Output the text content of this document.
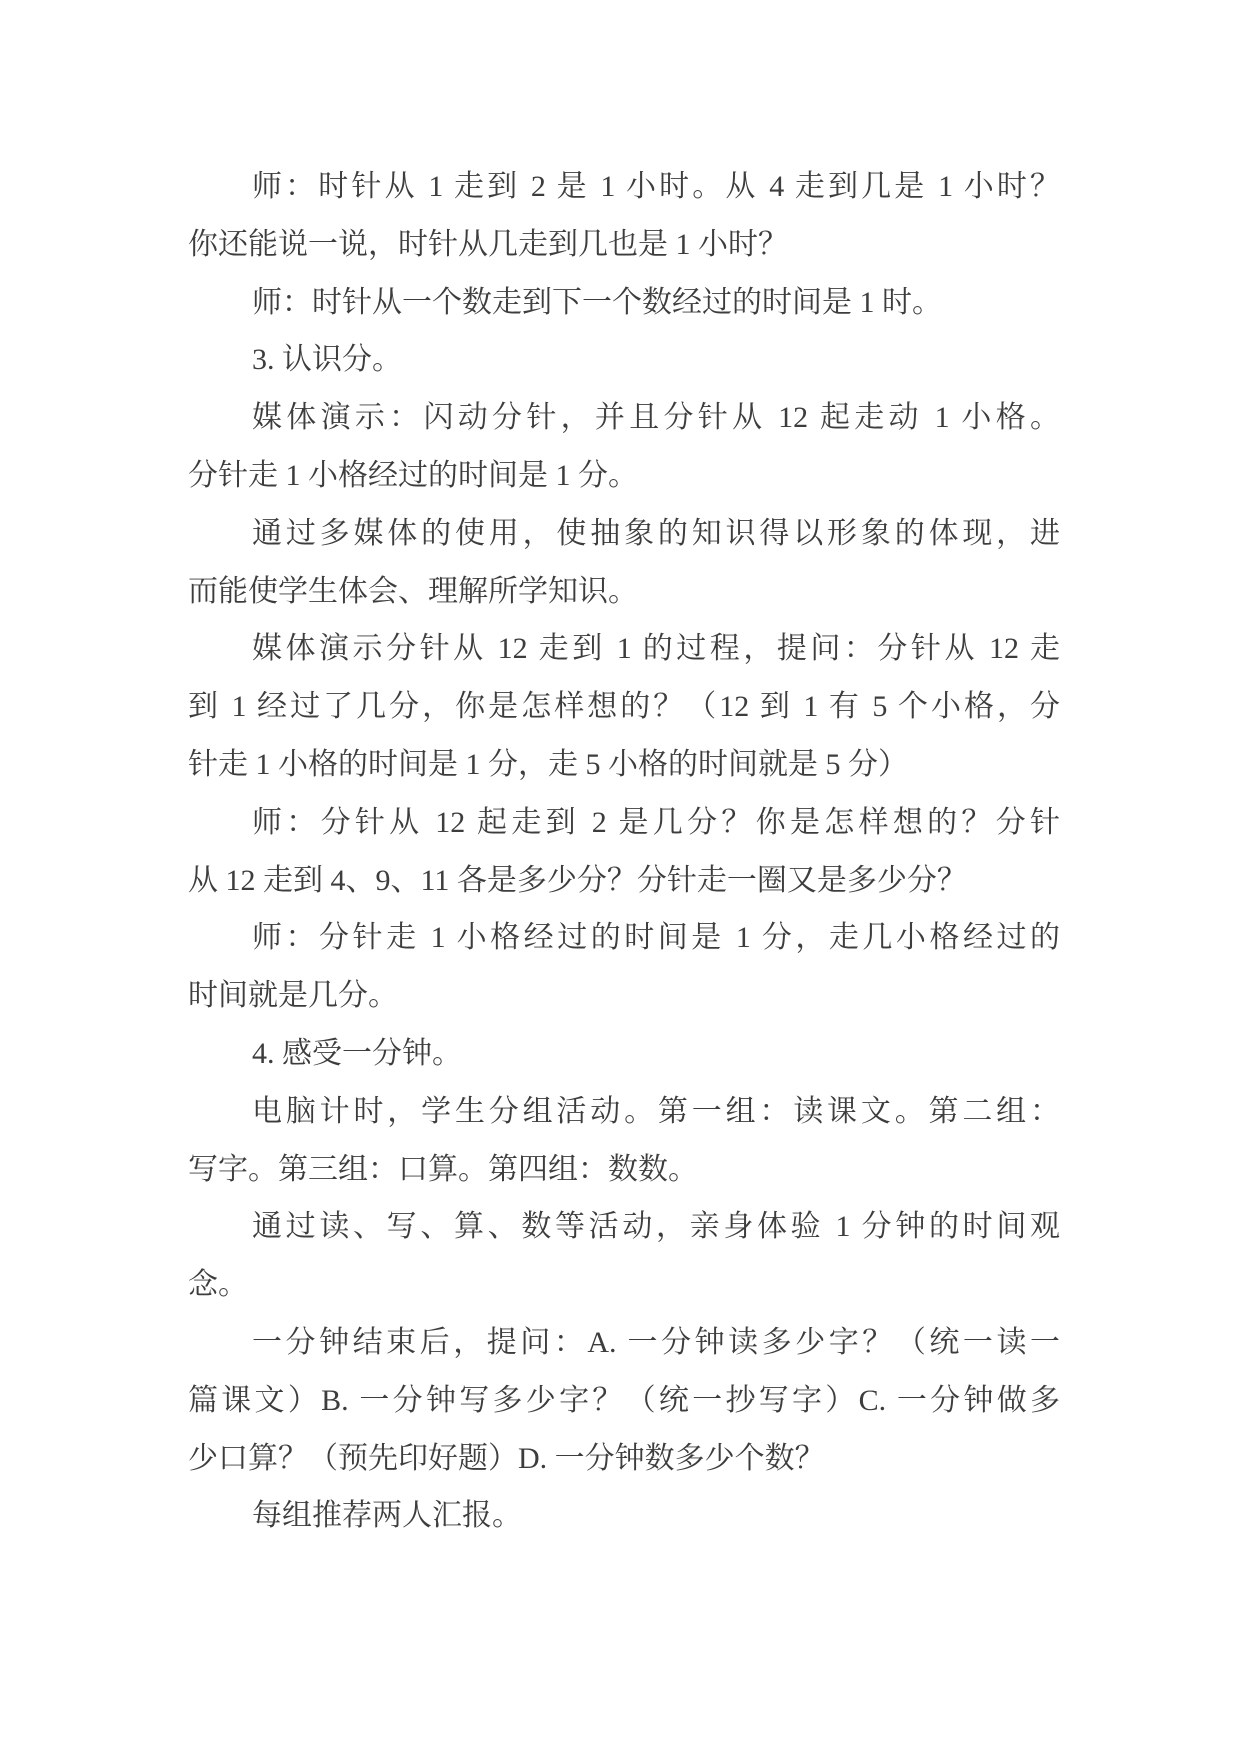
师：时针从 1 走到 2 是 1 小时。从 4 走到几是 1 小时？
你还能说一说，时针从几走到几也是 1 小时？
师：时针从一个数走到下一个数经过的时间是 1 时。
3. 认识分。
媒体演示：闪动分针，并且分针从 12 起走动 1 小格。
分针走 1 小格经过的时间是 1 分。
通过多媒体的使用，使抽象的知识得以形象的体现，进
而能使学生体会、理解所学知识。
媒体演示分针从 12 走到 1 的过程，提问：分针从 12 走
到 1 经过了几分，你是怎样想的？（12 到 1 有 5 个小格，分
针走 1 小格的时间是 1 分，走 5 小格的时间就是 5 分）
师：分针从 12 起走到 2 是几分？你是怎样想的？分针
从 12 走到 4、9、11 各是多少分？分针走一圈又是多少分？
师：分针走 1 小格经过的时间是 1 分，走几小格经过的
时间就是几分。
4. 感受一分钟。
电脑计时，学生分组活动。第一组：读课文。第二组：
写字。第三组：口算。第四组：数数。
通过读、写、算、数等活动，亲身体验 1 分钟的时间观
念。
一分钟结束后，提问：A. 一分钟读多少字？（统一读一
篇课文）B. 一分钟写多少字？（统一抄写字）C. 一分钟做多
少口算？（预先印好题）D. 一分钟数多少个数？
每组推荐两人汇报。
